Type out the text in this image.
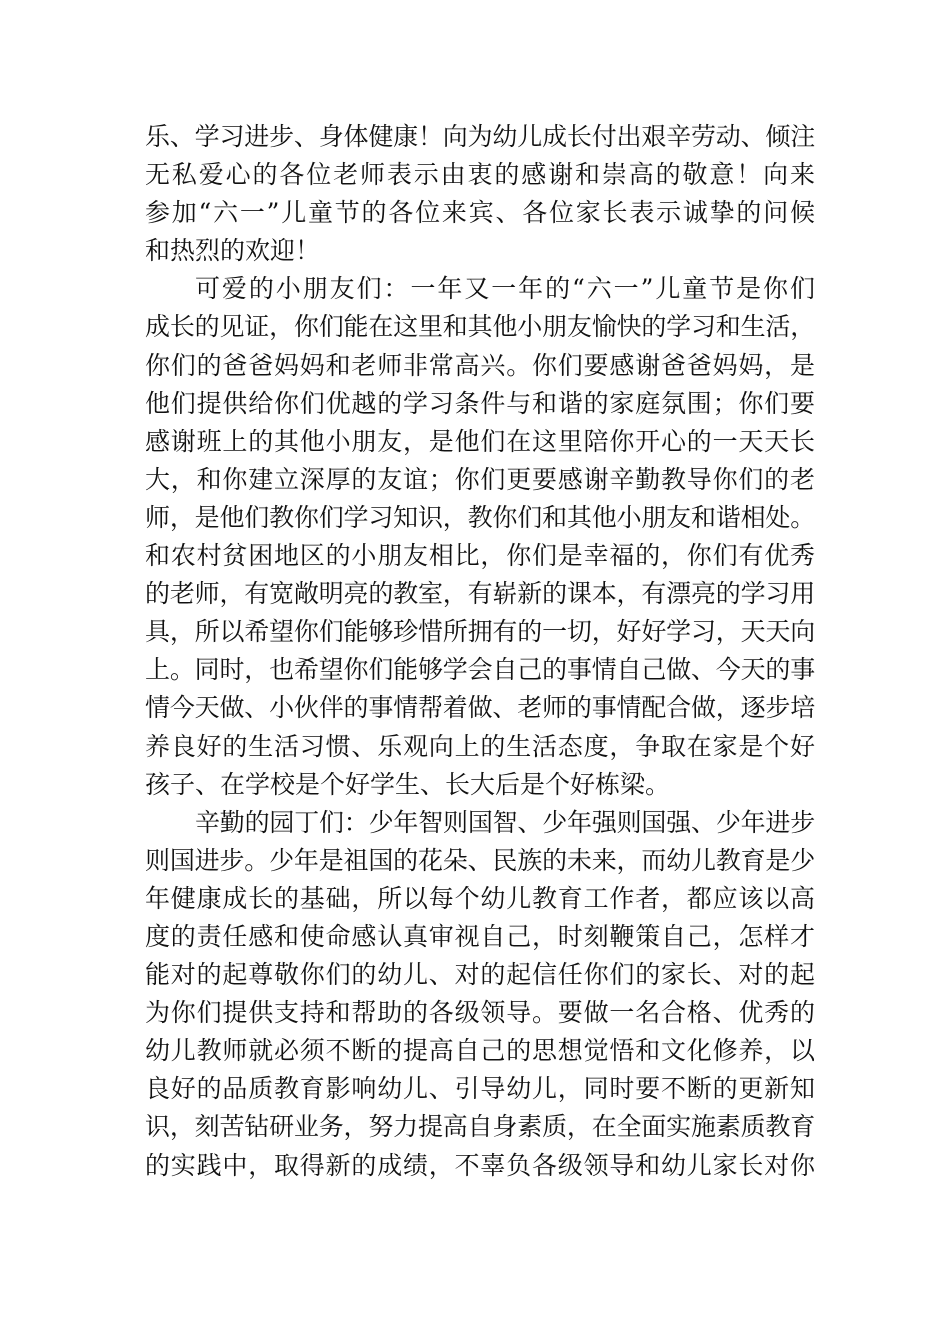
乐、学习进步、身体健康！向为幼儿成长付出艰辛劳动、倾注
无私爱心的各位老师表示由衷的感谢和崇高的敬意！向来
参加“六一”儿童节的各位来宾、各位家长表示诚挚的问候
和热烈的欢迎！
可爱的小朋友们：一年又一年的“六一”儿童节是你们
成长的见证，你们能在这里和其他小朋友愉快的学习和生活，
你们的爸爸妈妈和老师非常高兴。你们要感谢爸爸妈妈，是
他们提供给你们优越的学习条件与和谐的家庭氛围；你们要
感谢班上的其他小朋友，是他们在这里陪你开心的一天天长
大，和你建立深厚的友谊；你们更要感谢辛勤教导你们的老
师，是他们教你们学习知识，教你们和其他小朋友和谐相处。
和农村贫困地区的小朋友相比，你们是幸福的，你们有优秀
的老师，有宽敞明亮的教室，有崭新的课本，有漂亮的学习用
具，所以希望你们能够珍惜所拥有的一切，好好学习，天天向
上。同时，也希望你们能够学会自己的事情自己做、今天的事
情今天做、小伙伴的事情帮着做、老师的事情配合做，逐步培
养良好的生活习惯、乐观向上的生活态度，争取在家是个好
孩子、在学校是个好学生、长大后是个好栋梁。
辛勤的园丁们：少年智则国智、少年强则国强、少年进步
则国进步。少年是祖国的花朵、民族的未来，而幼儿教育是少
年健康成长的基础，所以每个幼儿教育工作者，都应该以高
度的责任感和使命感认真审视自己，时刻鞭策自己，怎样才
能对的起尊敬你们的幼儿、对的起信任你们的家长、对的起
为你们提供支持和帮助的各级领导。要做一名合格、优秀的
幼儿教师就必须不断的提高自己的思想觉悟和文化修养，以
良好的品质教育影响幼儿、引导幼儿，同时要不断的更新知
识，刻苦钻研业务，努力提高自身素质，在全面实施素质教育
的实践中，取得新的成绩，不辜负各级领导和幼儿家长对你
